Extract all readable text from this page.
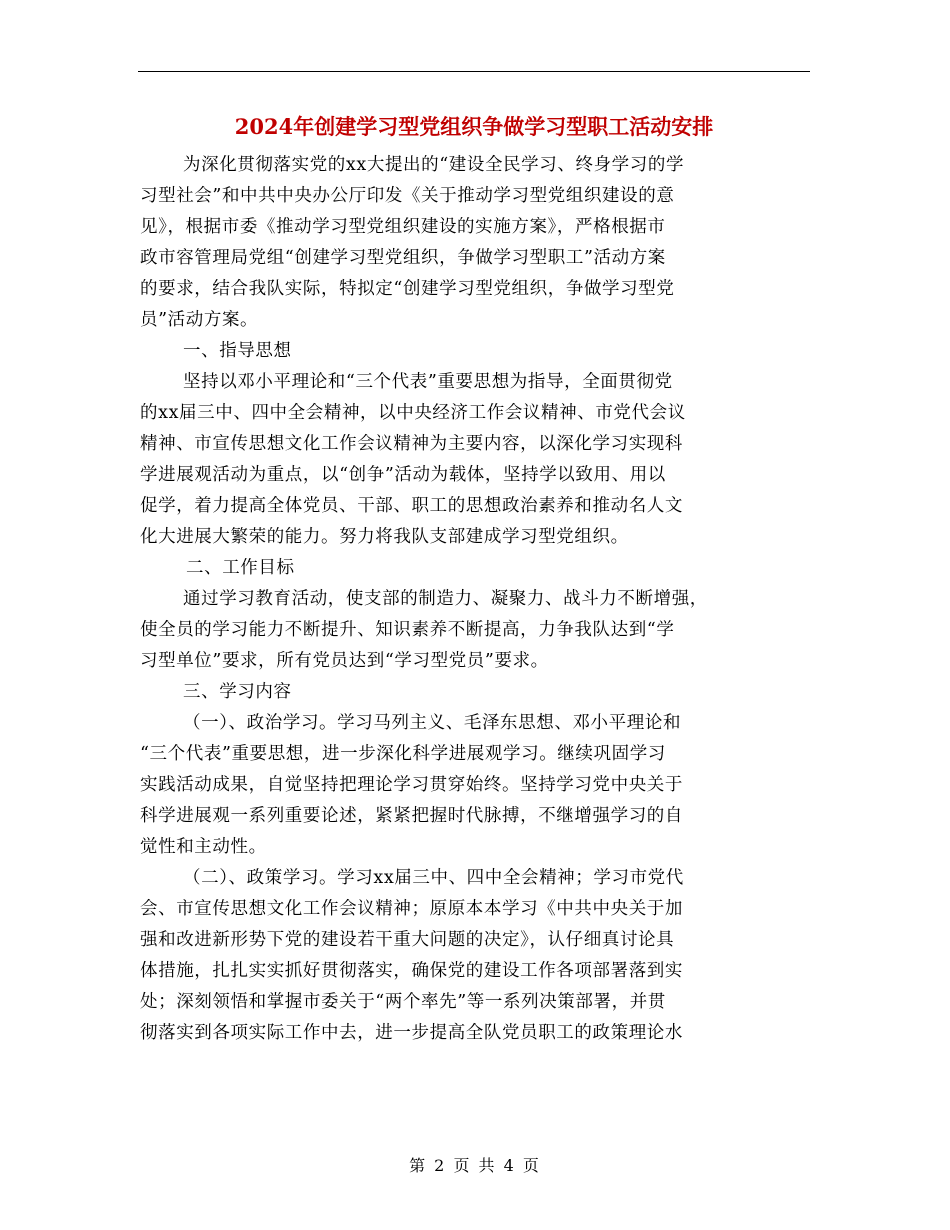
2024年创建学习型党组织争做学习型职工活动安排
为深化贯彻落实党的xx大提出的“建设全民学习、终身学习的学
习型社会”和中共中央办公厅印发《关于推动学习型党组织建设的意
见》，根据市委《推动学习型党组织建设的实施方案》，严格根据市
政市容管理局党组“创建学习型党组织，争做学习型职工”活动方案
的要求，结合我队实际，特拟定“创建学习型党组织，争做学习型党
员”活动方案。
一、指导思想
坚持以邓小平理论和“三个代表”重要思想为指导，全面贯彻党
的xx届三中、四中全会精神，以中央经济工作会议精神、市党代会议
精神、市宣传思想文化工作会议精神为主要内容，以深化学习实现科
学进展观活动为重点，以“创争”活动为载体，坚持学以致用、用以
促学，着力提高全体党员、干部、职工的思想政治素养和推动名人文
化大进展大繁荣的能力。努力将我队支部建成学习型党组织。
二、工作目标
通过学习教育活动，使支部的制造力、凝聚力、战斗力不断增强，
使全员的学习能力不断提升、知识素养不断提高，力争我队达到“学
习型单位”要求，所有党员达到“学习型党员”要求。
三、学习内容
（一）、政治学习。学习马列主义、毛泽东思想、邓小平理论和
“三个代表”重要思想，进一步深化科学进展观学习。继续巩固学习
实践活动成果，自觉坚持把理论学习贯穿始终。坚持学习党中央关于
科学进展观一系列重要论述，紧紧把握时代脉搏，不继增强学习的自
觉性和主动性。
（二）、政策学习。学习xx届三中、四中全会精神；学习市党代
会、市宣传思想文化工作会议精神；原原本本学习《中共中央关于加
强和改进新形势下党的建设若干重大问题的决定》，认仔细真讨论具
体措施，扎扎实实抓好贯彻落实，确保党的建设工作各项部署落到实
处；深刻领悟和掌握市委关于“两个率先”等一系列决策部署，并贯
彻落实到各项实际工作中去，进一步提高全队党员职工的政策理论水
第 2 页 共 4 页
